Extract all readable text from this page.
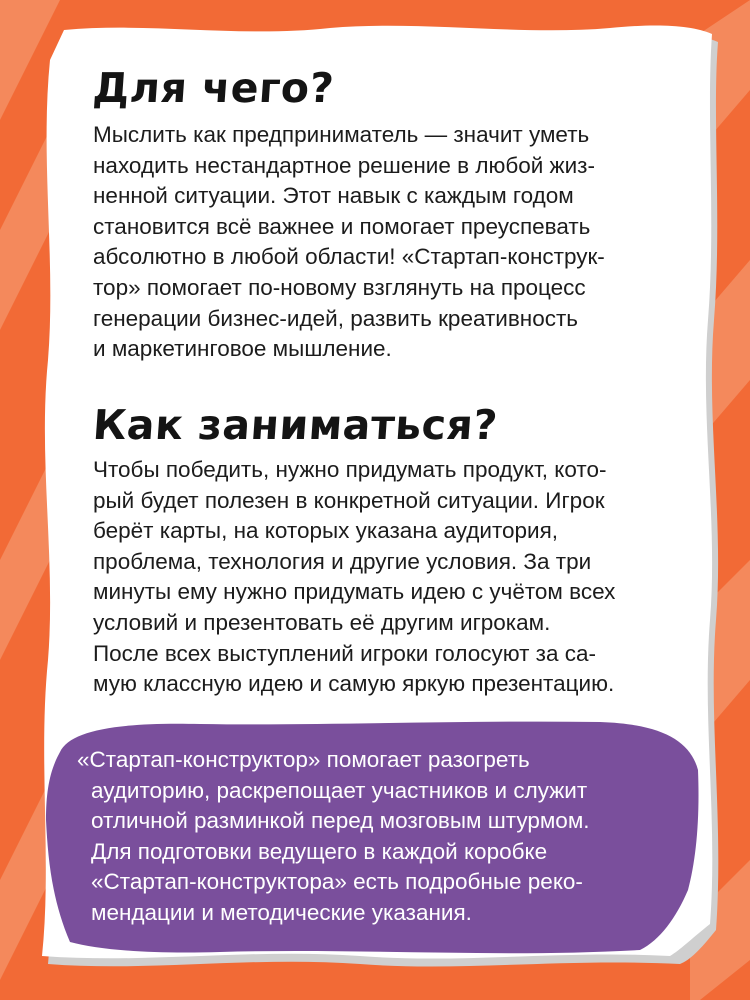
Для чего?

Мыслить как предприниматель — значит уметь
находить нестандартное решение в любой жиз-
ненной ситуации. Этот навык с каждым годом
становится всё важнее и помогает преуспевать
абсолютно в любой области! «Стартап-конструк-
тор» помогает по-новому взглянуть на процесс
генерации бизнес-идей, развить креативность
и маркетинговое мышление.

Как заниматься?

Чтобы победить, нужно придумать продукт, кото-
рый будет полезен в конкретной ситуации. Игрок
берёт карты, на которых указана аудитория,
проблема, технология и другие условия. За три
минуты ему нужно придумать идею с учётом всех
условий и презентовать её другим игрокам.
После всех выступлений игроки голосуют за са-
мую классную идею и самую яркую презентацию.

«Стартап-конструктор» помогает разогреть
аудиторию, раскрепощает участников и служит
отличной разминкой перед мозговым штурмом.
Для подготовки ведущего в каждой коробке
«Стартап-конструктора» есть подробные реко-
мендации и методические указания.
